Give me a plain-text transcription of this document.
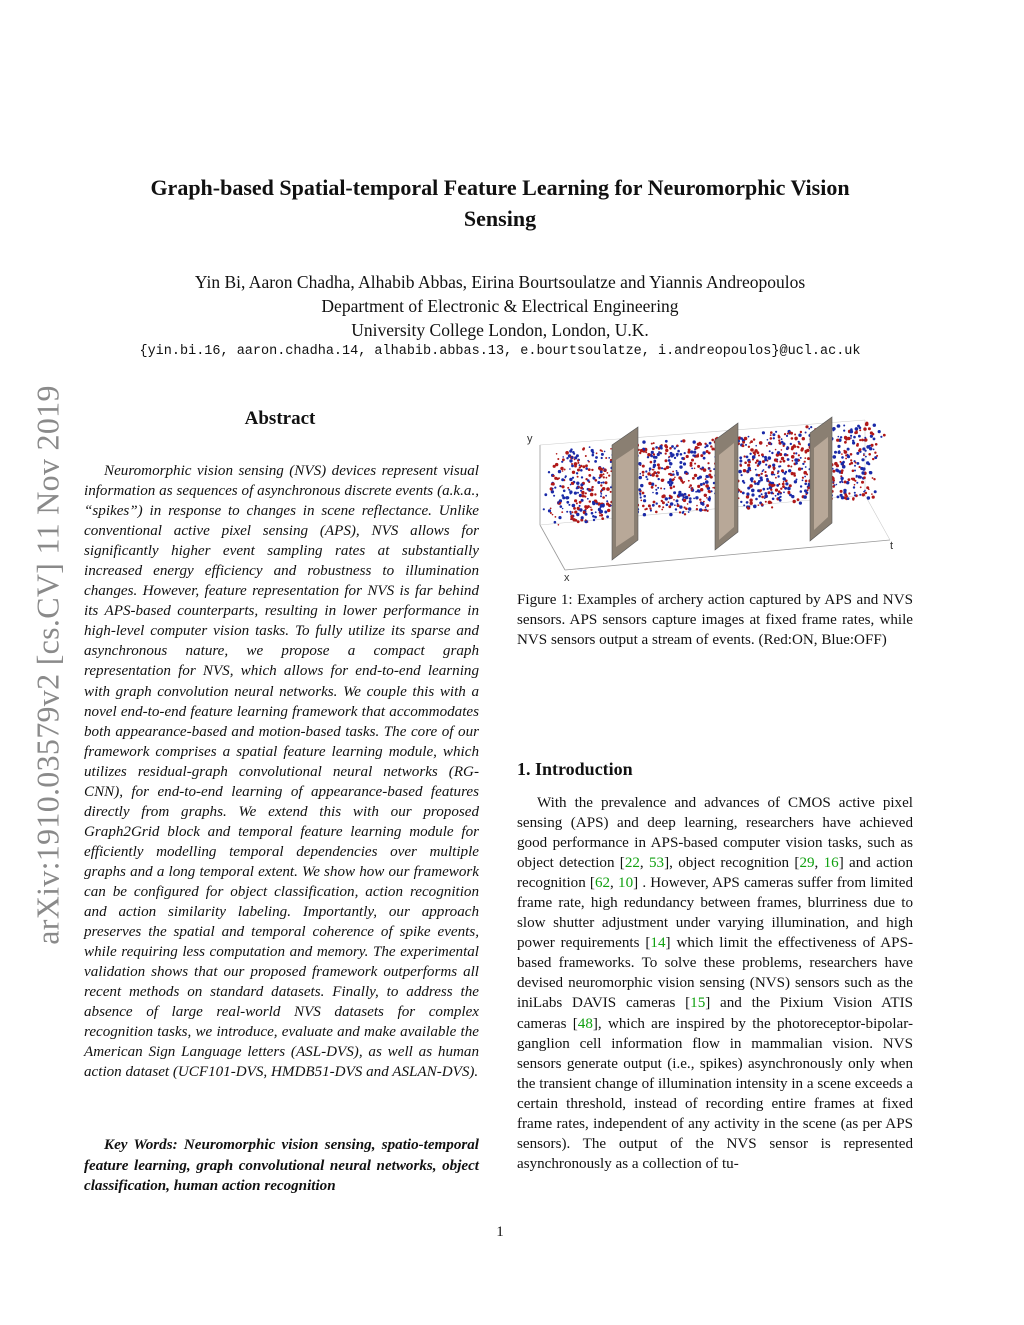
arXiv:1910.03579v2 [cs.CV] 11 Nov 2019
Graph-based Spatial-temporal Feature Learning for Neuromorphic Vision
Sensing
Yin Bi, Aaron Chadha, Alhabib Abbas, Eirina Bourtsoulatze and Yiannis Andreopoulos
Department of Electronic & Electrical Engineering
University College London, London, U.K.
{yin.bi.16, aaron.chadha.14, alhabib.abbas.13, e.bourtsoulatze, i.andreopoulos}@ucl.ac.uk
Abstract

Neuromorphic vision sensing (NVS) devices represent visual information as sequences of asynchronous discrete events (a.k.a., “spikes”) in response to changes in scene reflectance. Unlike conventional active pixel sensing (APS), NVS allows for significantly higher event sampling rates at substantially increased energy efficiency and robustness to illumination changes. However, feature representation for NVS is far behind its APS-based counterparts, resulting in lower performance in high-level computer vision tasks. To fully utilize its sparse and asynchronous nature, we propose a compact graph representation for NVS, which allows for end-to-end learning with graph convolution neural networks. We couple this with a novel end-to-end feature learning framework that accommodates both appearance-based and motion-based tasks. The core of our framework comprises a spatial feature learning module, which utilizes residual-graph convolutional neural networks (RG-CNN), for end-to-end learning of appearance-based features directly from graphs. We extend this with our proposed Graph2Grid block and temporal feature learning module for efficiently modelling temporal dependencies over multiple graphs and a long temporal extent. We show how our framework can be configured for object classification, action recognition and action similarity labeling. Importantly, our approach preserves the spatial and temporal coherence of spike events, while requiring less computation and memory. The experimental validation shows that our proposed framework outperforms all recent methods on standard datasets. Finally, to address the absence of large real-world NVS datasets for complex recognition tasks, we introduce, evaluate and make available the American Sign Language letters (ASL-DVS), as well as human action dataset (UCF101-DVS, HMDB51-DVS and ASLAN-DVS).

Key Words: Neuromorphic vision sensing, spatio-temporal feature learning, graph convolutional neural networks, object classification, human action recognition
y
x
t
Figure 1: Examples of archery action captured by APS and NVS sensors. APS sensors capture images at fixed frame rates, while NVS sensors output a stream of events. (Red:ON, Blue:OFF)
1. Introduction

With the prevalence and advances of CMOS active pixel sensing (APS) and deep learning, researchers have achieved good performance in APS-based computer vision tasks, such as object detection [22, 53], object recognition [29, 16] and action recognition [62, 10] . However, APS cameras suffer from limited frame rate, high redundancy between frames, blurriness due to slow shutter adjustment under varying illumination, and high power requirements [14] which limit the effectiveness of APS-based frameworks. To solve these problems, researchers have devised neuromorphic vision sensing (NVS) sensors such as the iniLabs DAVIS cameras [15] and the Pixium Vision ATIS cameras [48], which are inspired by the photoreceptor-bipolar-ganglion cell information flow in mammalian vision. NVS sensors generate output (i.e., spikes) asynchronously only when the transient change of illumination intensity in a scene exceeds a certain threshold, instead of recording entire frames at fixed frame rates, independent of any activity in the scene (as per APS sensors). The output of the NVS sensor is represented asynchronously as a collection of tu-

1
